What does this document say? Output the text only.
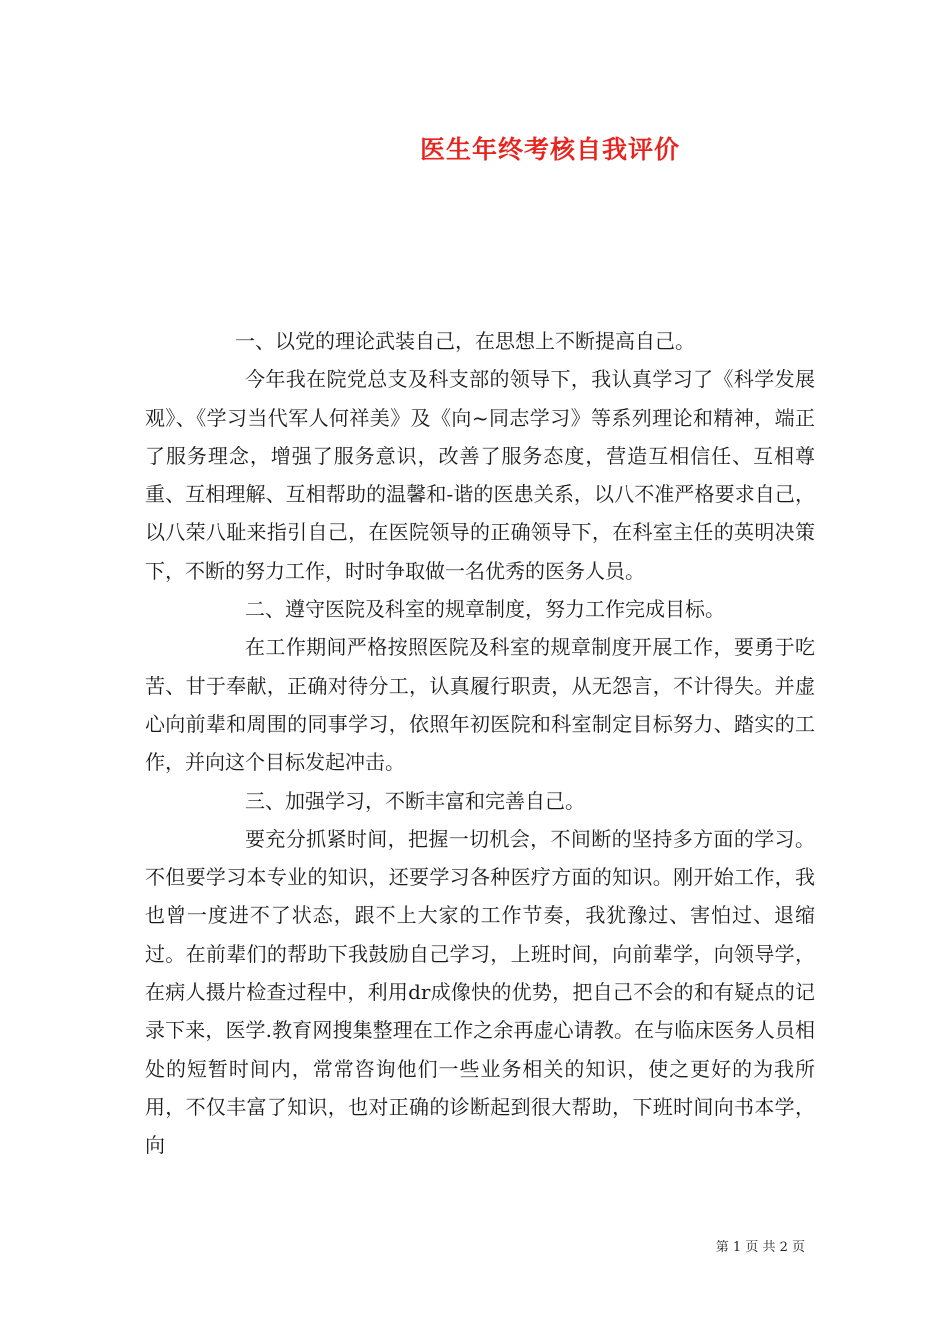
医生年终考核自我评价

一、以党的理论武装自己，在思想上不断提高自己。

今年我在院党总支及科支部的领导下，我认真学习了《科学发展观》、《学习当代军人何祥美》及《向~同志学习》等系列理论和精神，端正了服务理念，增强了服务意识，改善了服务态度，营造互相信任、互相尊重、互相理解、互相帮助的温馨和-谐的医患关系，以八不准严格要求自己，以八荣八耻来指引自己，在医院领导的正确领导下，在科室主任的英明决策下，不断的努力工作，时时争取做一名优秀的医务人员。

二、遵守医院及科室的规章制度，努力工作完成目标。

在工作期间严格按照医院及科室的规章制度开展工作，要勇于吃苦、甘于奉献，正确对待分工，认真履行职责，从无怨言，不计得失。并虚心向前辈和周围的同事学习，依照年初医院和科室制定目标努力、踏实的工作，并向这个目标发起冲击。

三、加强学习，不断丰富和完善自己。

要充分抓紧时间，把握一切机会，不间断的坚持多方面的学习。不但要学习本专业的知识，还要学习各种医疗方面的知识。刚开始工作，我也曾一度进不了状态，跟不上大家的工作节奏，我犹豫过、害怕过、退缩过。在前辈们的帮助下我鼓励自己学习，上班时间，向前辈学，向领导学，在病人摄片检查过程中，利用dr成像快的优势，把自己不会的和有疑点的记录下来，医学.教育网搜集整理在工作之余再虚心请教。在与临床医务人员相处的短暂时间内，常常咨询他们一些业务相关的知识，使之更好的为我所用，不仅丰富了知识，也对正确的诊断起到很大帮助，下班时间向书本学，向

第 1 页 共 2 页
